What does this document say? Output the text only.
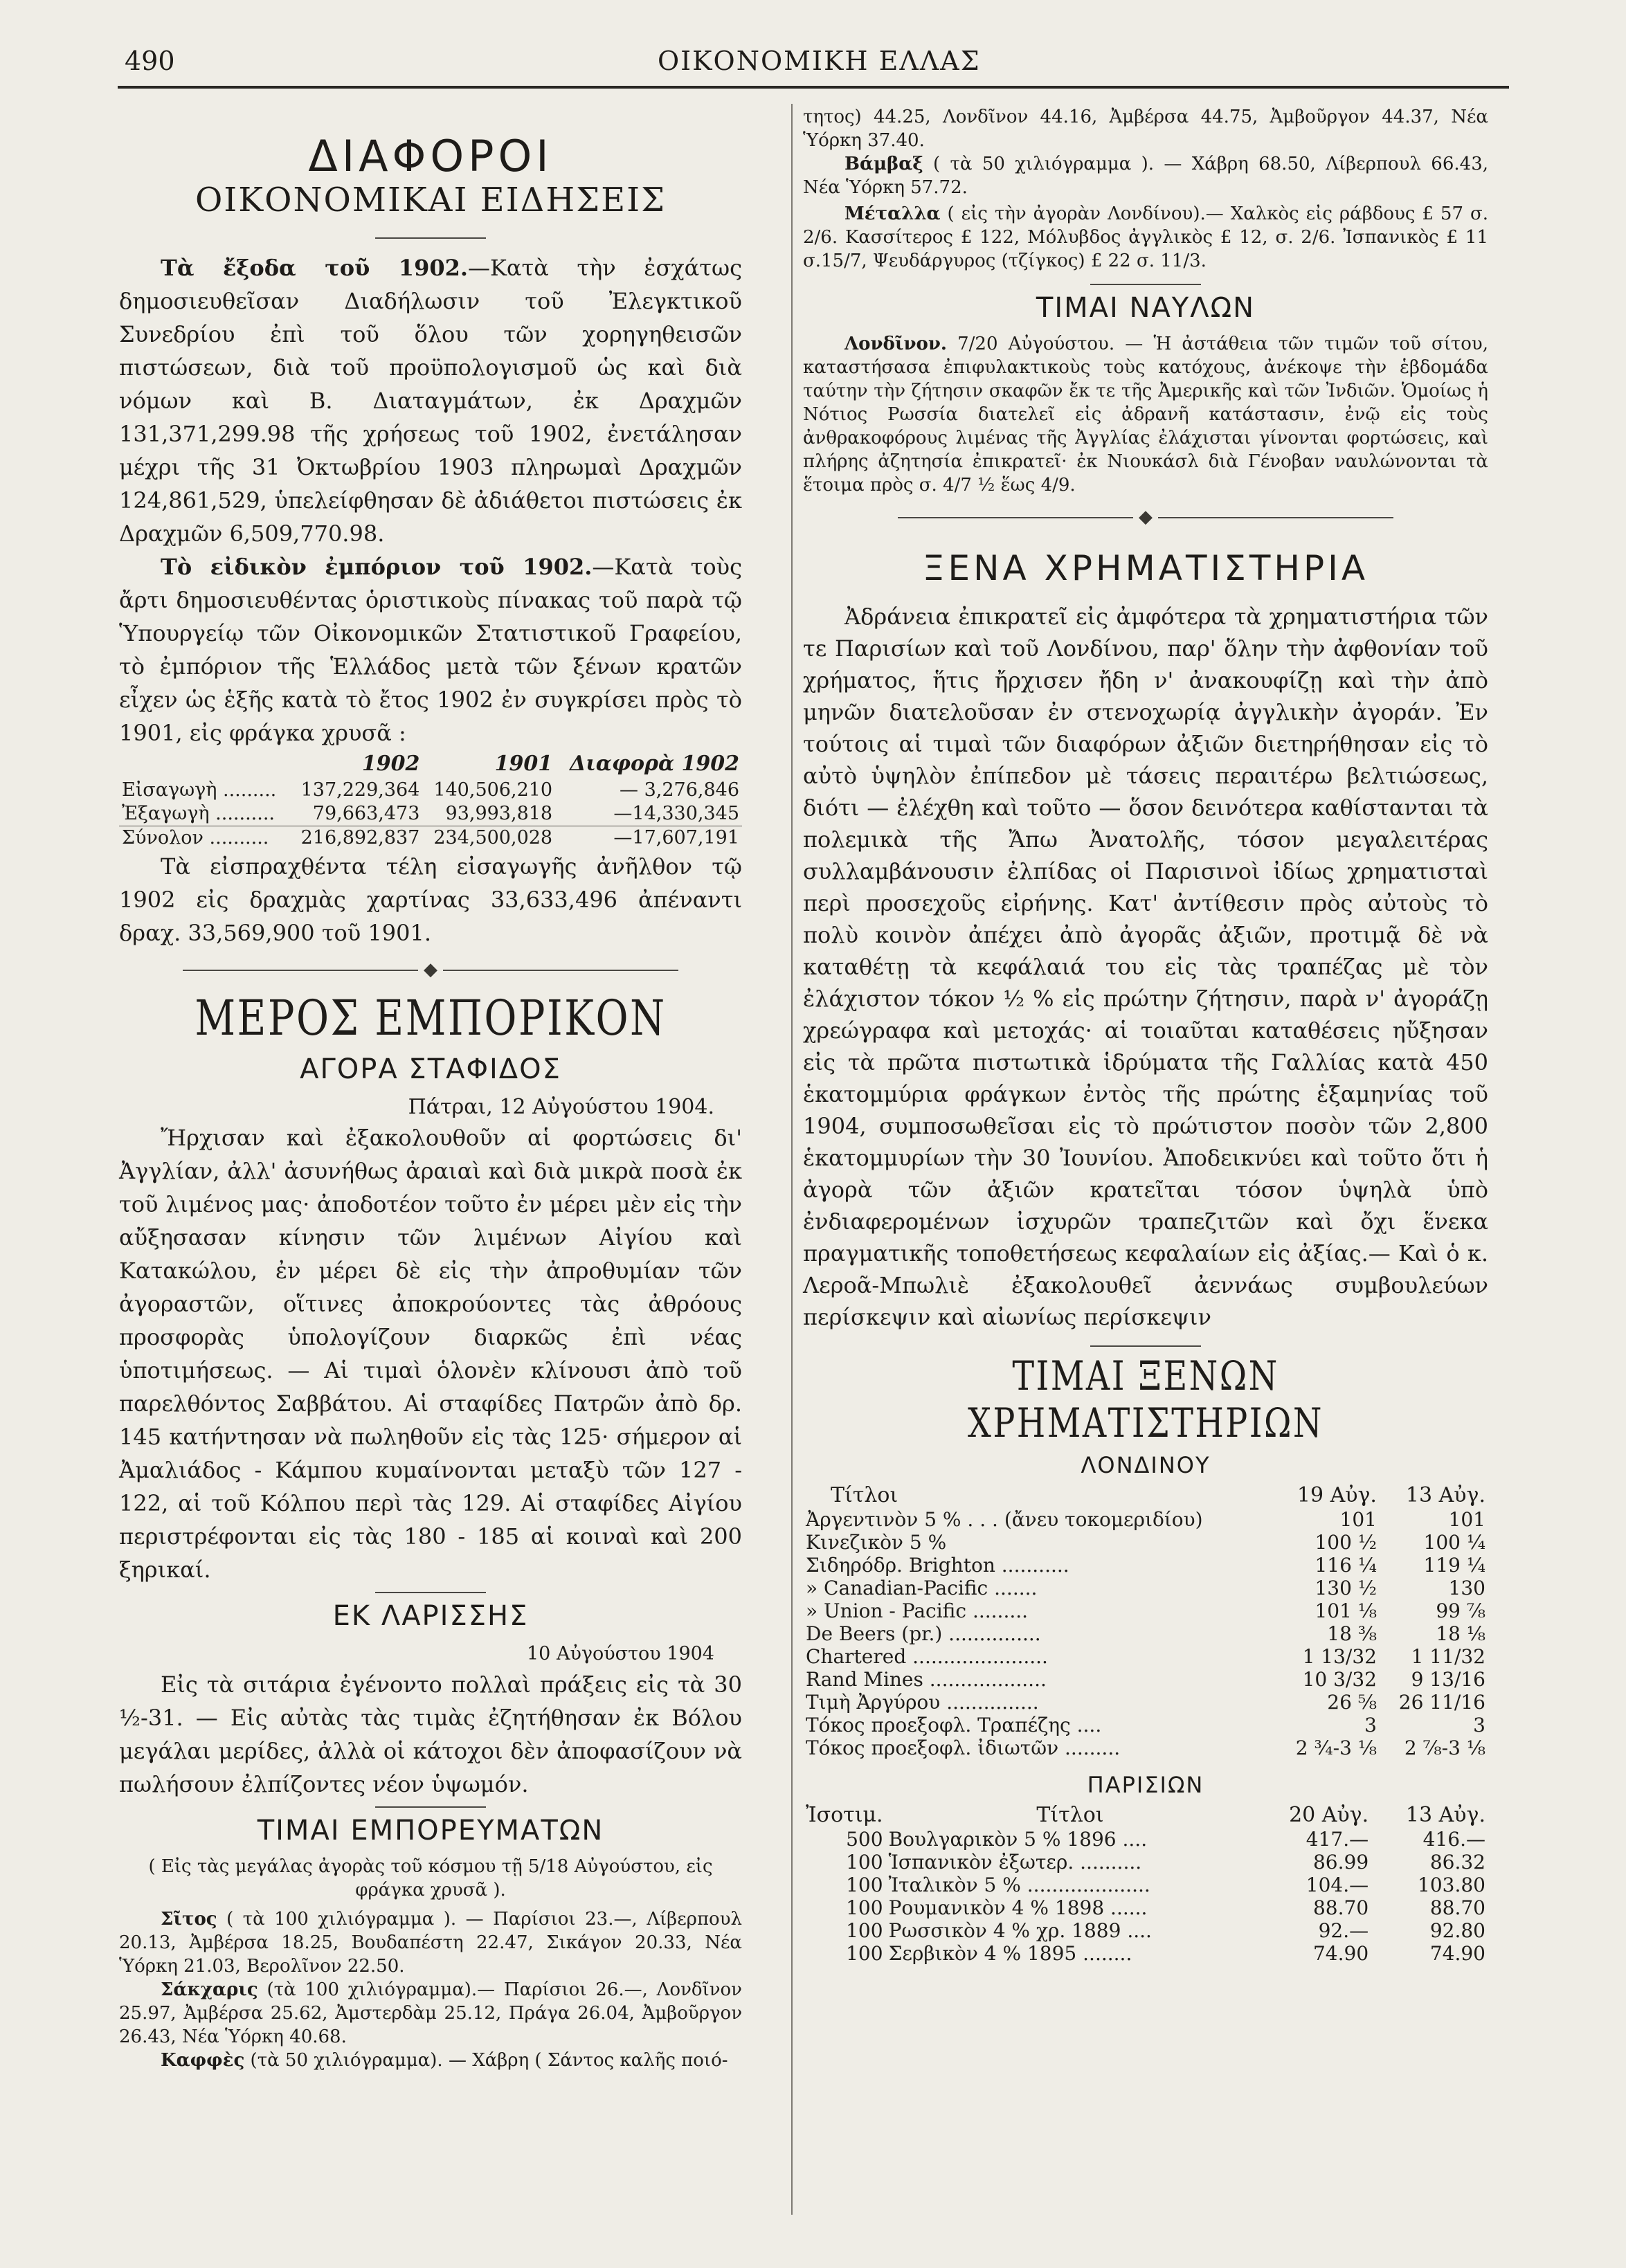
490	ΟΙΚΟΝΟΜΙΚΗ ΕΛΛΑΣ
ΔΙΑΦΟΡΟΙ
ΟΙΚΟΝΟΜΙΚΑΙ ΕΙΔΗΣΕΙΣ

Τὰ ἔξοδα τοῦ 1902.—Κατὰ τὴν ἐσχάτως δημοσιευθεῖσαν Διαδήλωσιν τοῦ Ἐλεγκτικοῦ Συνεδρίου ἐπὶ τοῦ ὅλου τῶν χορηγηθεισῶν πιστώσεων, διὰ τοῦ προϋπολογισμοῦ ὡς καὶ διὰ νόμων καὶ Β. Διαταγμάτων, ἐκ Δραχμῶν 131,371,299.98 τῆς χρήσεως τοῦ 1902, ἐνετάλησαν μέχρι τῆς 31 Ὀκτωβρίου 1903 πληρωμαὶ Δραχμῶν 124,861,529, ὑπελείφθησαν δὲ ἀδιάθετοι πιστώσεις ἐκ Δραχμῶν 6,509,770.98.

Τὸ εἰδικὸν ἐμπόριον τοῦ 1902.—Κατὰ τοὺς ἄρτι δημοσιευθέντας ὁριστικοὺς πίνακας τοῦ παρὰ τῷ Ὑπουργείῳ τῶν Οἰκονομικῶν Στατιστικοῦ Γραφείου, τὸ ἐμπόριον τῆς Ἑλλάδος μετὰ τῶν ξένων κρατῶν εἶχεν ὡς ἑξῆς κατὰ τὸ ἔτος 1902 ἐν συγκρίσει πρὸς τὸ 1901, εἰς φράγκα χρυσᾶ :

	1902	1901	Διαφορὰ 1902
Εἰσαγωγὴ .........	137,229,364	140,506,210	— 3,276,846
Ἐξαγωγὴ ..........	79,663,473	93,993,818	—14,330,345
Σύνολον ..........	216,892,837	234,500,028	—17,607,191

Τὰ εἰσπραχθέντα τέλη εἰσαγωγῆς ἀνῆλθον τῷ 1902 εἰς δραχμὰς χαρτίνας 33,633,496 ἀπέναντι δραχ. 33,569,900 τοῦ 1901.

◆
ΜΕΡΟΣ ΕΜΠΟΡΙΚΟΝ
ΑΓΟΡΑ ΣΤΑΦΙΔΟΣ
Πάτραι, 12 Αὐγούστου 1904.

Ἤρχισαν καὶ ἐξακολουθοῦν αἱ φορτώσεις δι' Ἀγγλίαν, ἀλλ' ἀσυνήθως ἀραιαὶ καὶ διὰ μικρὰ ποσὰ ἐκ τοῦ λιμένος μας· ἀποδοτέον τοῦτο ἐν μέρει μὲν εἰς τὴν αὔξησασαν κίνησιν τῶν λιμένων Αἰγίου καὶ Κατακώλου, ἐν μέρει δὲ εἰς τὴν ἀπροθυμίαν τῶν ἀγοραστῶν, οἵτινες ἀποκρούοντες τὰς ἀθρόους προσφορὰς ὑπολογίζουν διαρκῶς ἐπὶ νέας ὑποτιμήσεως. — Αἱ τιμαὶ ὁλονὲν κλίνουσι ἀπὸ τοῦ παρελθόντος Σαββάτου. Αἱ σταφίδες Πατρῶν ἀπὸ δρ. 145 κατήντησαν νὰ πωληθοῦν εἰς τὰς 125· σήμερον αἱ Ἀμαλιάδος - Κάμπου κυμαίνονται μεταξὺ τῶν 127 - 122, αἱ τοῦ Κόλπου περὶ τὰς 129. Αἱ σταφίδες Αἰγίου περιστρέφονται εἰς τὰς 180 - 185 αἱ κοιναὶ καὶ 200 ξηρικαί.

ΕΚ ΛΑΡΙΣΣΗΣ
10 Αὐγούστου 1904

Εἰς τὰ σιτάρια ἐγένοντο πολλαὶ πράξεις εἰς τὰ 30 ½-31. — Εἰς αὐτὰς τὰς τιμὰς ἐζητήθησαν ἐκ Βόλου μεγάλαι μερίδες, ἀλλὰ οἱ κάτοχοι δὲν ἀποφασίζουν νὰ πωλήσουν ἐλπίζοντες νέον ὑψωμόν.

ΤΙΜΑΙ ΕΜΠΟΡΕΥΜΑΤΩΝ

( Εἰς τὰς μεγάλας ἀγορὰς τοῦ κόσμου τῇ 5/18 Αὐγούστου, εἰς φράγκα χρυσᾶ ).

Σῖτος ( τὰ 100 χιλιόγραμμα ). — Παρίσιοι 23.—, Λίβερπουλ 20.13, Ἀμβέρσα 18.25, Βουδαπέστη 22.47, Σικάγον 20.33, Νέα Ὑόρκη 21.03, Βερολῖνον 22.50.

Σάκχαρις (τὰ 100 χιλιόγραμμα).— Παρίσιοι 26.—, Λονδῖνον 25.97, Ἀμβέρσα 25.62, Ἀμστερδὰμ 25.12, Πράγα 26.04, Ἀμβοῦργον 26.43, Νέα Ὑόρκη 40.68.

Καφφὲς (τὰ 50 χιλιόγραμμα). — Χάβρη ( Σάντος καλῆς ποιό-

τητος) 44.25, Λονδῖνον 44.16, Ἀμβέρσα 44.75, Ἀμβοῦργον 44.37, Νέα Ὑόρκη 37.40.

Βάμβαξ ( τὰ 50 χιλιόγραμμα ). — Χάβρη 68.50, Λίβερπουλ 66.43, Νέα Ὑόρκη 57.72.

Μέταλλα ( εἰς τὴν ἀγορὰν Λονδίνου).— Χαλκὸς εἰς ράβδους £ 57 σ. 2/6. Κασσίτερος £ 122, Μόλυβδος ἀγγλικὸς £ 12, σ. 2/6. Ἰσπανικὸς £ 11 σ.15/7, Ψευδάργυρος (τζίγκος) £ 22 σ. 11/3.

ΤΙΜΑΙ ΝΑΥΛΩΝ

Λονδῖνον. 7/20 Αὐγούστου. — Ἡ ἀστάθεια τῶν τιμῶν τοῦ σίτου, καταστήσασα ἐπιφυλακτικοὺς τοὺς κατόχους, ἀνέκοψε τὴν ἑβδομάδα ταύτην τὴν ζήτησιν σκαφῶν ἔκ τε τῆς Ἀμερικῆς καὶ τῶν Ἰνδιῶν. Ὁμοίως ἡ Νότιος Ρωσσία διατελεῖ εἰς ἀδρανῆ κατάστασιν, ἐνῷ εἰς τοὺς ἀνθρακοφόρους λιμένας τῆς Ἀγγλίας ἐλάχισται γίνονται φορτώσεις, καὶ πλήρης ἀζητησία ἐπικρατεῖ· ἐκ Νιουκάσλ διὰ Γένοβαν ναυλώνονται τὰ ἕτοιμα πρὸς σ. 4/7 ½ ἕως 4/9.

◆
ΞΕΝΑ ΧΡΗΜΑΤΙΣΤΗΡΙΑ

Ἀδράνεια ἐπικρατεῖ εἰς ἀμφότερα τὰ χρηματιστήρια τῶν τε Παρισίων καὶ τοῦ Λονδίνου, παρ' ὅλην τὴν ἀφθονίαν τοῦ χρήματος, ἥτις ἤρχισεν ἤδη ν' ἀνακουφίζῃ καὶ τὴν ἀπὸ μηνῶν διατελοῦσαν ἐν στενοχωρίᾳ ἀγγλικὴν ἀγοράν. Ἐν τούτοις αἱ τιμαὶ τῶν διαφόρων ἀξιῶν διετηρήθησαν εἰς τὸ αὐτὸ ὑψηλὸν ἐπίπεδον μὲ τάσεις περαιτέρω βελτιώσεως, διότι — ἐλέχθη καὶ τοῦτο — ὅσον δεινότερα καθίστανται τὰ πολεμικὰ τῆς Ἄπω Ἀνατολῆς, τόσον μεγαλειτέρας συλλαμβάνουσιν ἐλπίδας οἱ Παρισινοὶ ἰδίως χρηματισταὶ περὶ προσεχοῦς εἰρήνης. Κατ' ἀντίθεσιν πρὸς αὐτοὺς τὸ πολὺ κοινὸν ἀπέχει ἀπὸ ἀγορᾶς ἀξιῶν, προτιμᾷ δὲ νὰ καταθέτῃ τὰ κεφάλαιά του εἰς τὰς τραπέζας μὲ τὸν ἐλάχιστον τόκον ½ % εἰς πρώτην ζήτησιν, παρὰ ν' ἀγοράζῃ χρεώγραφα καὶ μετοχάς· αἱ τοιαῦται καταθέσεις ηὔξησαν εἰς τὰ πρῶτα πιστωτικὰ ἱδρύματα τῆς Γαλλίας κατὰ 450 ἑκατομμύρια φράγκων ἐντὸς τῆς πρώτης ἑξαμηνίας τοῦ 1904, συμποσωθεῖσαι εἰς τὸ πρώτιστον ποσὸν τῶν 2,800 ἑκατομμυρίων τὴν 30 Ἰουνίου. Ἀποδεικνύει καὶ τοῦτο ὅτι ἡ ἀγορὰ τῶν ἀξιῶν κρατεῖται τόσον ὑψηλὰ ὑπὸ ἐνδιαφερομένων ἰσχυρῶν τραπεζιτῶν καὶ ὄχι ἕνεκα πραγματικῆς τοποθετήσεως κεφαλαίων εἰς ἀξίας.— Καὶ ὁ κ. Λεροᾶ-Μπωλιὲ ἐξακολουθεῖ ἀεννάως συμβουλεύων περίσκεψιν καὶ αἰωνίως περίσκεψιν

ΤΙΜΑΙ ΞΕΝΩΝ ΧΡΗΜΑΤΙΣΤΗΡΙΩΝ
ΛΟΝΔΙΝΟΥ
Τίτλοι	19 Αὐγ.	13 Αὐγ.
Ἀργεντινὸν 5 % . . . (ἄνευ τοκομεριδίου)	101	101
Κινεζικὸν 5 %	100 ½	100 ¼
Σιδηρόδρ. Brighton ...........	116 ¼	119 ¼
» Canadian-Pacific .......	130 ½	130
» Union - Pacific .........	101 ⅛	99 ⅞
De Beers (pr.) ...............	18 ⅜	18 ⅛
Chartered ......................	1 13/32	1 11/32
Rand Mines ...................	10 3/32	9 13/16
Τιμὴ Ἀργύρου ...............	26 ⅝	26 11/16
Τόκος προεξοφλ. Τραπέζης ....	3	3
Τόκος προεξοφλ. ἰδιωτῶν .........	2 ¾-3 ⅛	2 ⅞-3 ⅛
ΠΑΡΙΣΙΩΝ
Ἰσοτιμ.	Τίτλοι	20 Αὐγ.	13 Αὐγ.
500	Βουλγαρικὸν 5 % 1896 ....	417.—	416.—
100	Ἱσπανικὸν ἐξωτερ. ..........	86.99	86.32
100	Ἰταλικὸν 5 % ....................	104.—	103.80
100	Ρουμανικὸν 4 % 1898 ......	88.70	88.70
100	Ρωσσικὸν 4 % χρ. 1889 ....	92.—	92.80
100	Σερβικὸν 4 % 1895 ........	74.90	74.90
